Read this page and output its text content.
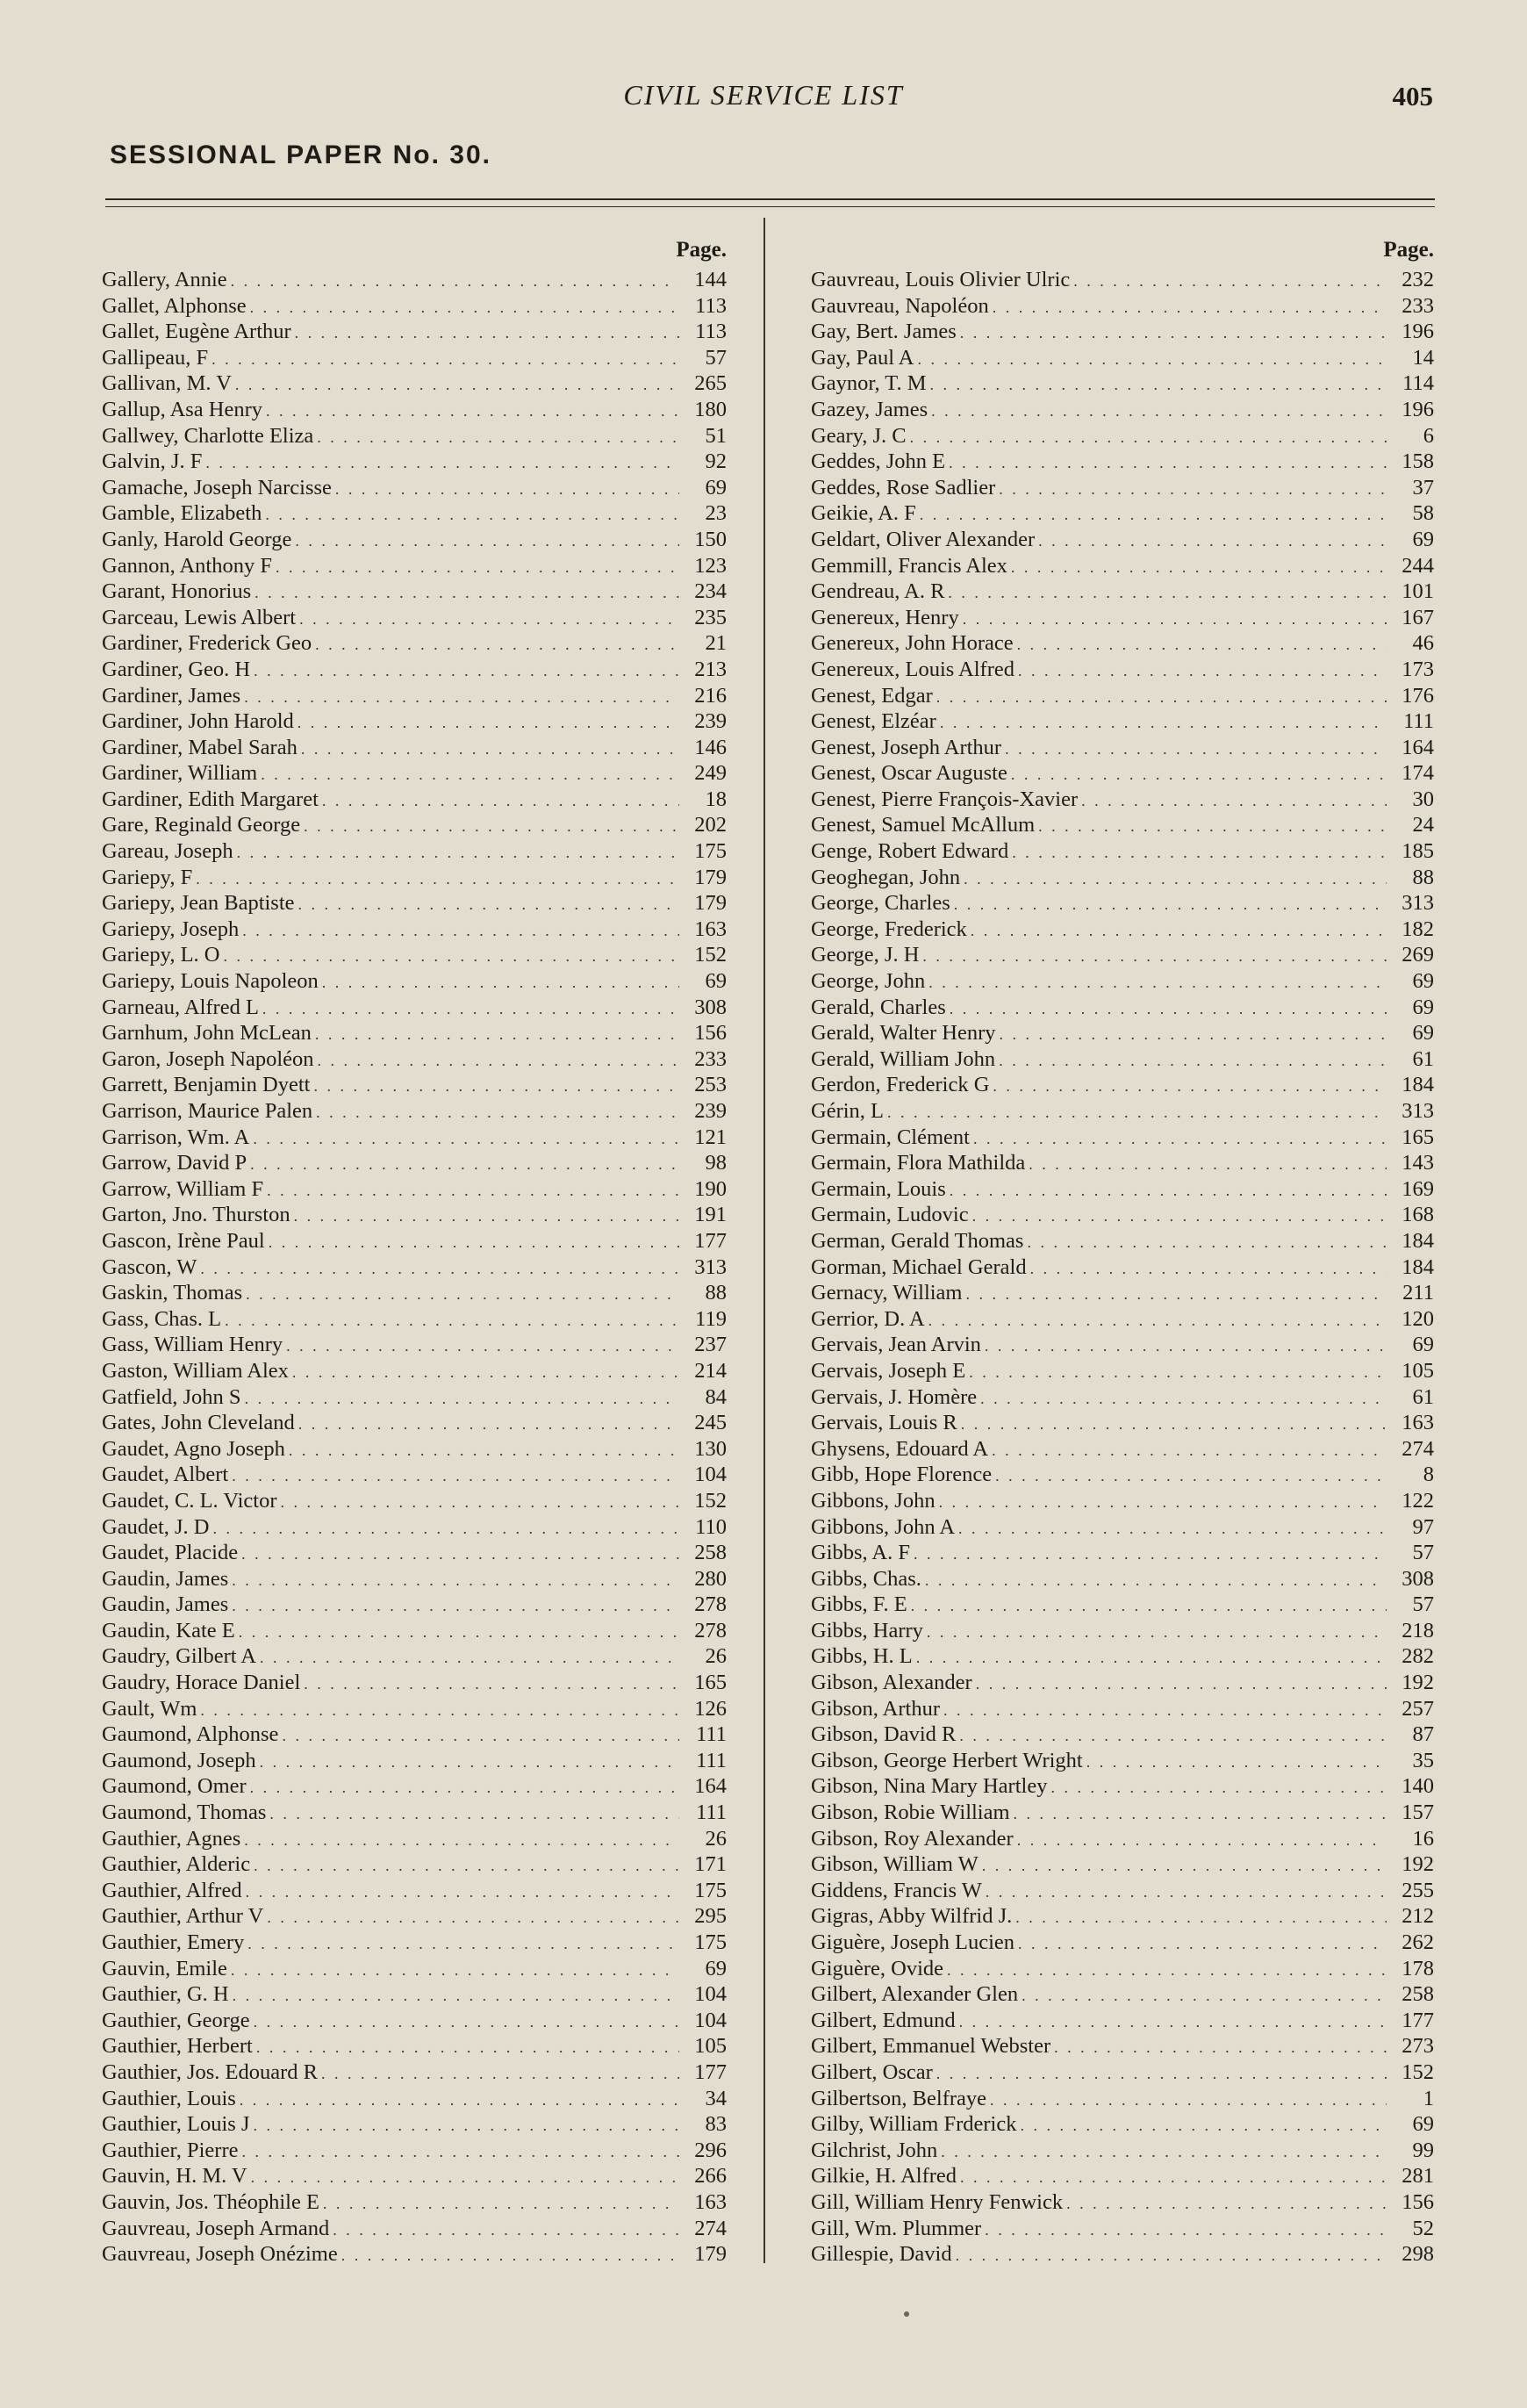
CIVIL SERVICE LIST	405
SESSIONAL PAPER No. 30.
Page.
Gallery, Annie . . .	144
Gallet, Alphonse . . .	113
Gallet, Eugène Arthur . . .	113
Gallipeau, F . . .	57
Gallivan, M. V . . .	265
Gallup, Asa Henry . . .	180
Gallwey, Charlotte Eliza . . .	51
Galvin, J. F . . .	92
Gamache, Joseph Narcisse . . .	69
Gamble, Elizabeth . . .	23
Ganly, Harold George . . .	150
Gannon, Anthony F . . .	123
Garant, Honorius . . .	234
Garceau, Lewis Albert . . .	235
Gardiner, Frederick Geo . . .	21
Gardiner, Geo. H . . .	213
Gardiner, James . . .	216
Gardiner, John Harold . . .	239
Gardiner, Mabel Sarah . . .	146
Gardiner, William . . .	249
Gardiner, Edith Margaret . . .	18
Gare, Reginald George . . .	202
Gareau, Joseph . . .	175
Gariepy, F . . .	179
Gariepy, Jean Baptiste . . .	179
Gariepy, Joseph . . .	163
Gariepy, L. O . . .	152
Gariepy, Louis Napoleon . . .	69
Garneau, Alfred L . . .	308
Garnhum, John McLean . . .	156
Garon, Joseph Napoléon . . .	233
Garrett, Benjamin Dyett . . .	253
Garrison, Maurice Palen . . .	239
Garrison, Wm. A . . .	121
Garrow, David P . . .	98
Garrow, William F . . .	190
Garton, Jno. Thurston . . .	191
Gascon, Irène Paul . . .	177
Gascon, W . . .	313
Gaskin, Thomas . . .	88
Gass, Chas. L . . .	119
Gass, William Henry . . .	237
Gaston, William Alex . . .	214
Gatfield, John S . . .	84
Gates, John Cleveland . . .	245
Gaudet, Agno Joseph . . .	130
Gaudet, Albert . . .	104
Gaudet, C. L. Victor . . .	152
Gaudet, J. D . . .	110
Gaudet, Placide . . .	258
Gaudin, James . . .	280
Gaudin, James . . .	278
Gaudin, Kate E . . .	278
Gaudry, Gilbert A . . .	26
Gaudry, Horace Daniel . . .	165
Gault, Wm . . .	126
Gaumond, Alphonse . . .	111
Gaumond, Joseph . . .	111
Gaumond, Omer . . .	164
Gaumond, Thomas . . .	111
Gauthier, Agnes . . .	26
Gauthier, Alderic . . .	171
Gauthier, Alfred . . .	175
Gauthier, Arthur V . . .	295
Gauthier, Emery . . .	175
Gauvin, Emile . . .	69
Gauthier, G. H . . .	104
Gauthier, George . . .	104
Gauthier, Herbert . . .	105
Gauthier, Jos. Edouard R . . .	177
Gauthier, Louis . . .	34
Gauthier, Louis J . . .	83
Gauthier, Pierre . . .	296
Gauvin, H. M. V . . .	266
Gauvin, Jos. Théophile E . . .	163
Gauvreau, Joseph Armand . . .	274
Gauvreau, Joseph Onézime . . .	179
Page.
Gauvreau, Louis Olivier Ulric . . .	232
Gauvreau, Napoléon . . .	233
Gay, Bert. James . . .	196
Gay, Paul A . . .	14
Gaynor, T. M . . .	114
Gazey, James . . .	196
Geary, J. C . . .	6
Geddes, John E . . .	158
Geddes, Rose Sadlier . . .	37
Geikie, A. F . . .	58
Geldart, Oliver Alexander . . .	69
Gemmill, Francis Alex . . .	244
Gendreau, A. R . . .	101
Genereux, Henry . . .	167
Genereux, John Horace . . .	46
Genereux, Louis Alfred . . .	173
Genest, Edgar . . .	176
Genest, Elzéar . . .	111
Genest, Joseph Arthur . . .	164
Genest, Oscar Auguste . . .	174
Genest, Pierre François-Xavier . . .	30
Genest, Samuel McAllum . . .	24
Genge, Robert Edward . . .	185
Geoghegan, John . . .	88
George, Charles . . .	313
George, Frederick . . .	182
George, J. H . . .	269
George, John . . .	69
Gerald, Charles . . .	69
Gerald, Walter Henry . . .	69
Gerald, William John . . .	61
Gerdon, Frederick G . . .	184
Gérin, L . . .	313
Germain, Clément . . .	165
Germain, Flora Mathilda . . .	143
Germain, Louis . . .	169
Germain, Ludovic . . .	168
German, Gerald Thomas . . .	184
Gorman, Michael Gerald . . .	184
Gernacy, William . . .	211
Gerrior, D. A . . .	120
Gervais, Jean Arvin . . .	69
Gervais, Joseph E . . .	105
Gervais, J. Homère . . .	61
Gervais, Louis R . . .	163
Ghysens, Edouard A . . .	274
Gibb, Hope Florence . . .	8
Gibbons, John . . .	122
Gibbons, John A . . .	97
Gibbs, A. F . . .	57
Gibbs, Chas. . . .	308
Gibbs, F. E . . .	57
Gibbs, Harry . . .	218
Gibbs, H. L . . .	282
Gibson, Alexander . . .	192
Gibson, Arthur . . .	257
Gibson, David R . . .	87
Gibson, George Herbert Wright . . .	35
Gibson, Nina Mary Hartley . . .	140
Gibson, Robie William . . .	157
Gibson, Roy Alexander . . .	16
Gibson, William W . . .	192
Giddens, Francis W . . .	255
Gigras, Abby Wilfrid J. . . .	212
Giguère, Joseph Lucien . . .	262
Giguère, Ovide . . .	178
Gilbert, Alexander Glen . . .	258
Gilbert, Edmund . . .	177
Gilbert, Emmanuel Webster . . .	273
Gilbert, Oscar . . .	152
Gilbertson, Belfraye . . .	1
Gilby, William Frderick . . .	69
Gilchrist, John . . .	99
Gilkie, H. Alfred . . .	281
Gill, William Henry Fenwick . . .	156
Gill, Wm. Plummer . . .	52
Gillespie, David . . .	298
